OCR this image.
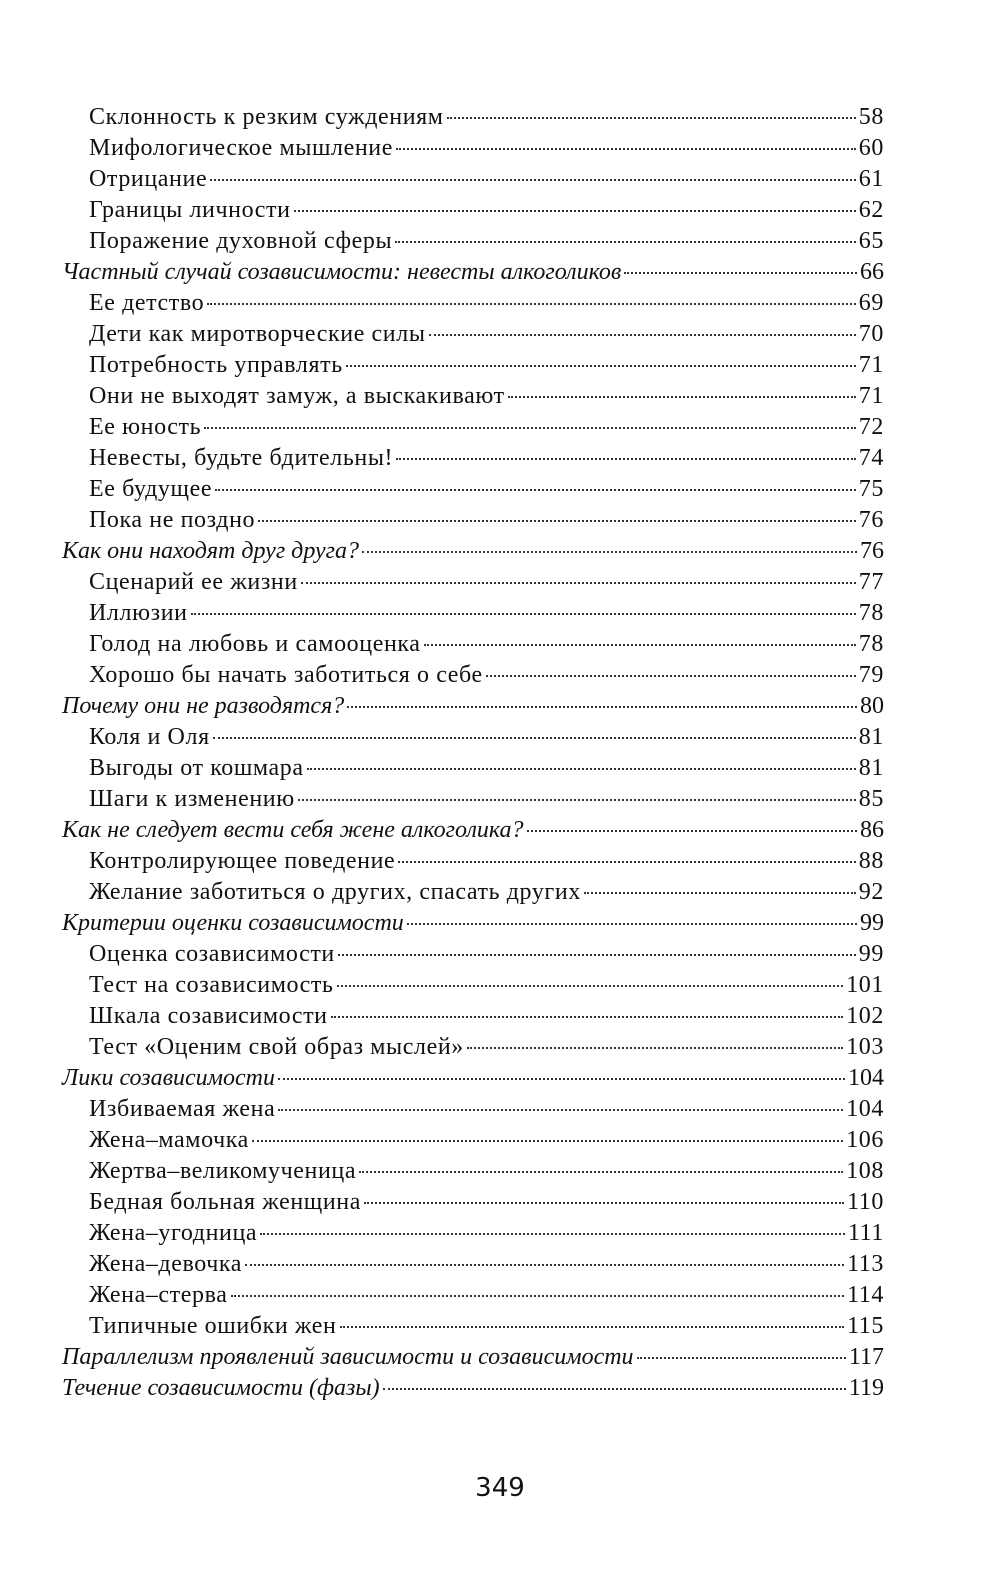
Склонность к резким суждениям	58
Мифологическое мышление	60
Отрицание	61
Границы личности	62
Поражение духовной сферы	65
Частный случай созависимости: невесты алкоголиков	66
Ее детство	69
Дети как миротворческие силы	70
Потребность управлять	71
Они не выходят замуж, а выскакивают	71
Ее юность	72
Невесты, будьте бдительны!	74
Ее будущее	75
Пока не поздно	76
Как они находят друг друга?	76
Сценарий ее жизни	77
Иллюзии	78
Голод на любовь и самооценка	78
Хорошо бы начать заботиться о себе	79
Почему они не разводятся?	80
Коля и Оля	81
Выгоды от кошмара	81
Шаги к изменению	85
Как не следует вести себя жене алкоголика?	86
Контролирующее поведение	88
Желание заботиться о других, спасать других	92
Критерии оценки созависимости	99
Оценка созависимости	99
Тест на созависимость	101
Шкала созависимости	102
Тест «Оценим свой образ мыслей»	103
Лики созависимости	104
Избиваемая жена	104
Жена–мамочка	106
Жертва–великомученица	108
Бедная больная женщина	110
Жена–угодница	111
Жена–девочка	113
Жена–стерва	114
Типичные ошибки жен	115
Параллелизм проявлений зависимости и созависимости	117
Течение созависимости (фазы)	119
349
